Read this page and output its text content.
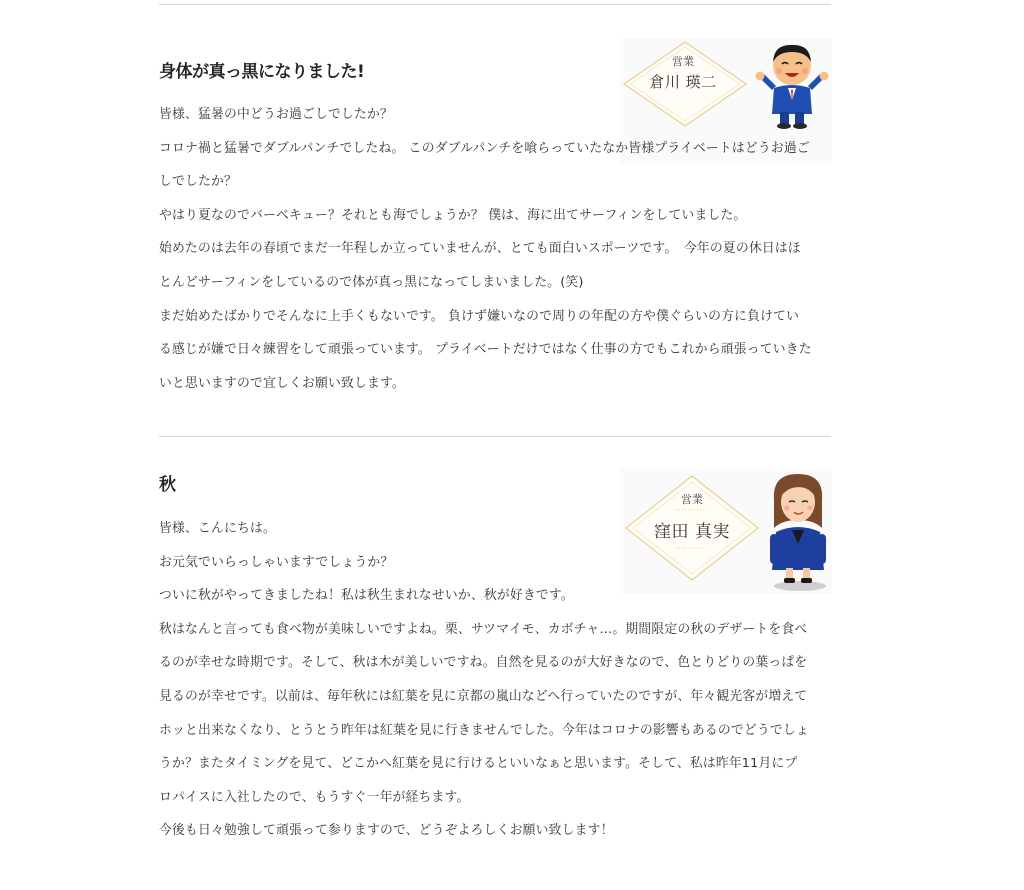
身体が真っ黒になりました!
営業
倉川 瑛二

皆様、猛暑の中どうお過ごしでしたか？

コロナ禍と猛暑でダブルパンチでしたね。 このダブルパンチを喰らっていたなか皆様プライベートはどうお過ご

しでしたか？

やはり夏なのでバーベキュー？それとも海でしょうか？ 僕は、海に出てサーフィンをしていました。

始めたのは去年の春頃でまだ一年程しか立っていませんが、とても面白いスポーツです。　今年の夏の休日はほ

とんどサーフィンをしているので体が真っ黒になってしまいました。(笑)

まだ始めたばかりでそんなに上手くもないです。 負けず嫌いなので周りの年配の方や僕ぐらいの方に負けてい

る感じが嫌で日々練習をして頑張っています。 プライベートだけではなく仕事の方でもこれから頑張っていきた

いと思いますので宜しくお願い致します。

秋
営業
窪田 真実

皆様、こんにちは。

お元気でいらっしゃいますでしょうか？

ついに秋がやってきましたね！私は秋生まれなせいか、秋が好きです。

秋はなんと言っても食べ物が美味しいですよね。栗、サツマイモ、カボチャ…。期間限定の秋のデザートを食べ

るのが幸せな時期です。そして、秋は木が美しいですね。自然を見るのが大好きなので、色とりどりの葉っぱを

見るのが幸せです。以前は、毎年秋には紅葉を見に京都の嵐山などへ行っていたのですが、年々観光客が増えて

ホッと出来なくなり、とうとう昨年は紅葉を見に行きませんでした。今年はコロナの影響もあるのでどうでしょ

うか？またタイミングを見て、どこかへ紅葉を見に行けるといいなぁと思います。そして、私は昨年11月にプ

ロパイスに入社したので、もうすぐ一年が経ちます。

今後も日々勉強して頑張って参りますので、どうぞよろしくお願い致します！
